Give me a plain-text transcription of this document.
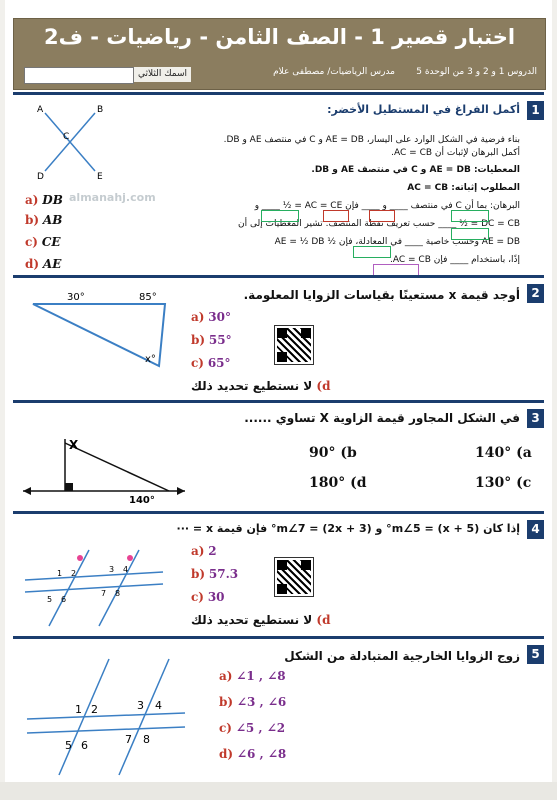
اختبار قصير 1 - الصف الثامن - رياضيات - ف2
الدروس 1 و 2 و 3 من الوحدة 5
مدرس الرياضيات/ مصطفى علام
اسمك الثلاثي
1
أكمل الفراغ في المستطيل الأخضر:
A	B
C
D	E
بناء فرضية في الشكل الوارد على اليسار، AE = DB و C في منتصف AE و DB.
أكمل البرهان لإثبات أن AC = CB.
المعطيات: AE = DB و C في منتصف AE و DB.
المطلوب إثباته: AC = CB
البرهان: بما أن C في منتصف ____ و ____ فإن AC = CE = ½ ____ و
DC = CB = ½ ____ حسب تعريف نقطة المنتصف. تشير المعطيات إلى أن
AE = DB وحسب خاصية ____ في المعادلة، فإن ½ AE = ½ DB
إذًا، باستخدام ____ فإن AC = CB.
a) DB
b) AB
c) CE
d) AE
almanahj.com
2
أوجد قيمة x مستعينًا بقياسات الزوايا المعلومة.
30°	85°
x°
a) 30°
b) 55°
c) 65°
d) لا نستطيع تحديد ذلك
3
في الشكل المجاور قيمة الزاوية X تساوي ......
X
140°
140° (a
90° (b
130° (c
180° (d
4
إذا كان m∠5 = (x + 5)° و m∠7 = (2x + 3)° فإن قيمة x = ···
1 2	3 4
5 6
7 8
a) 2
b) 57.3
c) 30
d) لا نستطيع تحديد ذلك
5
زوج الزوايا الخارجية المتبادلة من الشكل
1 2	3 4
5 6	7 8
a) ∠1 , ∠8
b) ∠3 , ∠6
c) ∠5 , ∠2
d) ∠6 , ∠8
